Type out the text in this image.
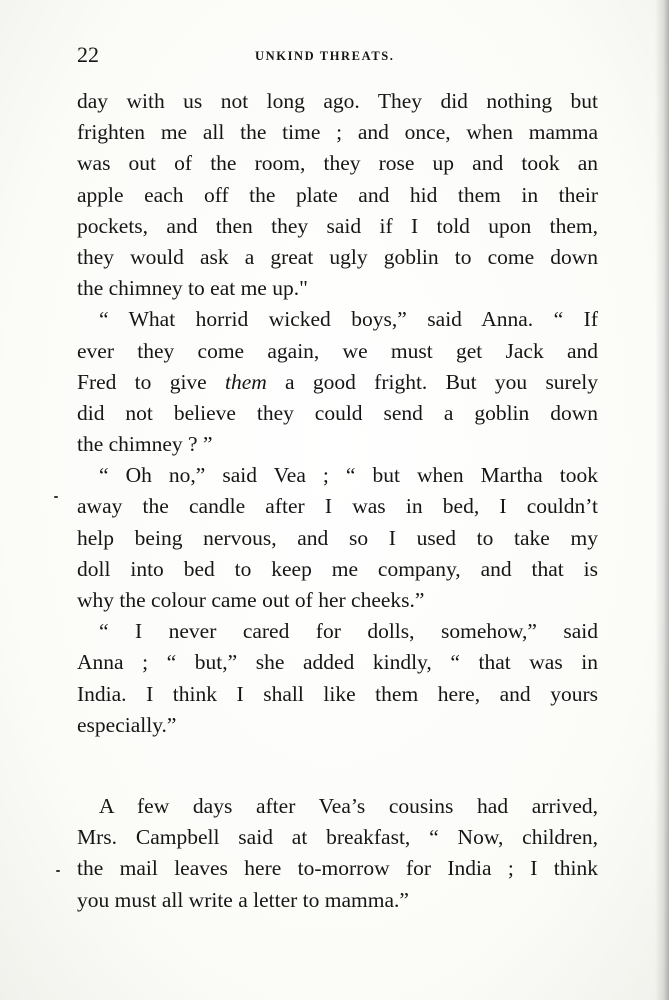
22	UNKIND THREATS.
day with us not long ago. They did nothing but
frighten me all the time ; and once, when mamma
was out of the room, they rose up and took an
apple each off the plate and hid them in their
pockets, and then they said if I told upon them,
they would ask a great ugly goblin to come down
the chimney to eat me up."
“ What horrid wicked boys,” said Anna. “ If
ever they come again, we must get Jack and
Fred to give them a good fright. But you surely
did not believe they could send a goblin down
the chimney ? ”
“ Oh no,” said Vea ; “ but when Martha took
away the candle after I was in bed, I couldn’t
help being nervous, and so I used to take my
doll into bed to keep me company, and that is
why the colour came out of her cheeks.”
“ I never cared for dolls, somehow,” said
Anna ; “ but,” she added kindly, “ that was in
India. I think I shall like them here, and yours
especially.”
A few days after Vea’s cousins had arrived,
Mrs. Campbell said at breakfast, “ Now, children,
the mail leaves here to-morrow for India ; I think
you must all write a letter to mamma.”
